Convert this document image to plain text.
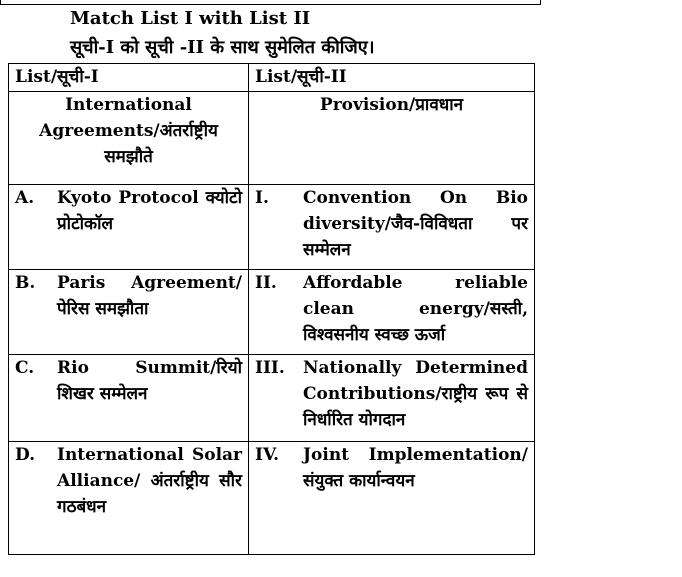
Match List I with List II
सूची-I को सूची -II के साथ सुमेलित कीजिए।
List/सूची-I	List/सूची-II
International Agreements/अंतर्राष्ट्रीय समझौते	Provision/प्रावधान

A. Kyoto Protocol क्योटो प्रोटोकॉल	I. Convention On Bio diversity/जैव-विविधता पर सम्मेलन

B. Paris Agreement/ पेरिस समझौता	II. Affordable reliable clean energy/सस्ती, विश्वसनीय स्वच्छ ऊर्जा

C. Rio Summit/रियो शिखर सम्मेलन	III. Nationally Determined Contributions/राष्ट्रीय रूप से निर्धारित योगदान

D. International Solar Alliance/ अंतर्राष्ट्रीय सौर गठबंधन	IV. Joint Implementation/ संयुक्त कार्यान्वयन
